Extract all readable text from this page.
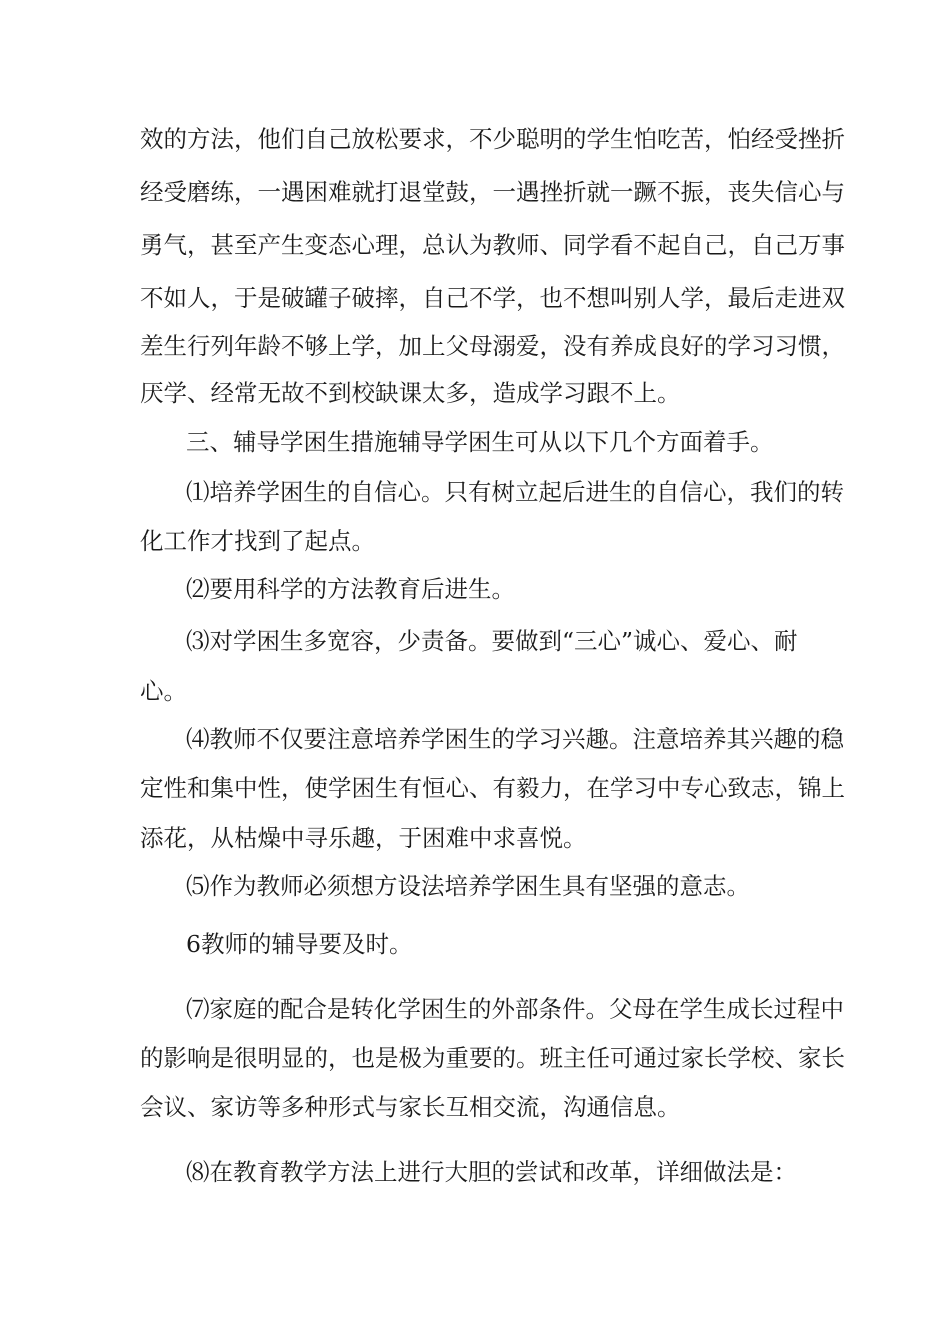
效的方法，他们自己放松要求，不少聪明的学生怕吃苦，怕经受挫折
经受磨练，一遇困难就打退堂鼓，一遇挫折就一蹶不振，丧失信心与
勇气，甚至产生变态心理，总认为教师、同学看不起自己，自己万事
不如人，于是破罐子破摔，自己不学，也不想叫别人学，最后走进双
差生行列年龄不够上学，加上父母溺爱，没有养成良好的学习习惯，
厌学、经常无故不到校缺课太多，造成学习跟不上。
三、辅导学困生措施辅导学困生可从以下几个方面着手。
⑴培养学困生的自信心。只有树立起后进生的自信心，我们的转
化工作才找到了起点。
⑵要用科学的方法教育后进生。
⑶对学困生多宽容，少责备。要做到“三心”诚心、爱心、耐
心。
⑷教师不仅要注意培养学困生的学习兴趣。注意培养其兴趣的稳
定性和集中性，使学困生有恒心、有毅力，在学习中专心致志，锦上
添花，从枯燥中寻乐趣，于困难中求喜悦。
⑸作为教师必须想方设法培养学困生具有坚强的意志。
6教师的辅导要及时。
⑺家庭的配合是转化学困生的外部条件。父母在学生成长过程中
的影响是很明显的，也是极为重要的。班主任可通过家长学校、家长
会议、家访等多种形式与家长互相交流，沟通信息。
⑻在教育教学方法上进行大胆的尝试和改革，详细做法是：
